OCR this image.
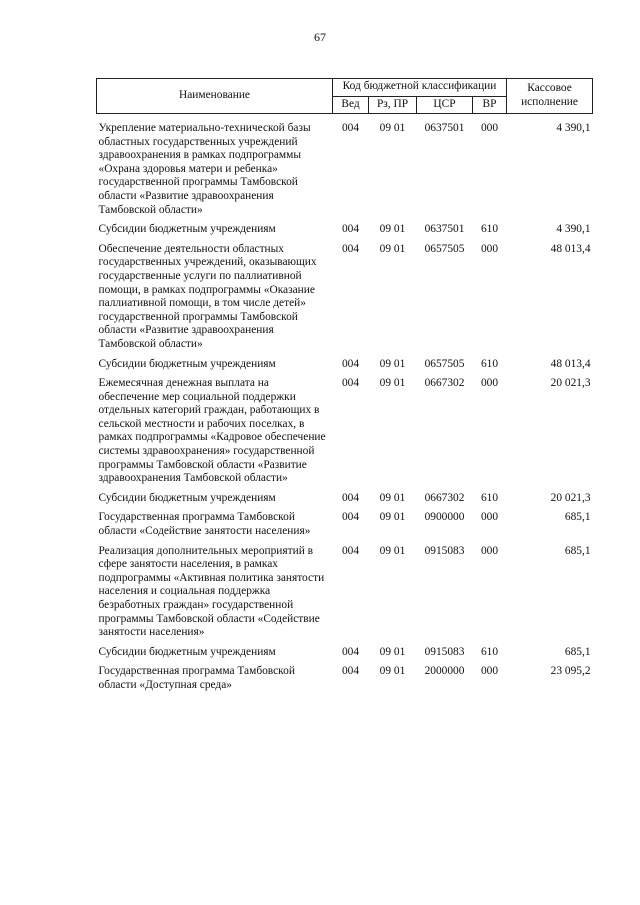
67
Наименование	Код бюджетной классификации				Кассовое исполнение
	Вед	Рз, ПР	ЦСР	ВР	

Укрепление материально-технической базы областных государственных учреждений здравоохранения в рамках подпрограммы «Охрана здоровья матери и ребенка» государственной программы Тамбовской области «Развитие здравоохранения Тамбовской области»	004	09 01	0637501	000	4 390,1
Субсидии бюджетным учреждениям	004	09 01	0637501	610	4 390,1
Обеспечение деятельности областных государственных учреждений, оказывающих государственные услуги по паллиативной помощи, в рамках подпрограммы «Оказание паллиативной помощи, в том числе детей» государственной программы Тамбовской области «Развитие здравоохранения Тамбовской области»	004	09 01	0657505	000	48 013,4
Субсидии бюджетным учреждениям	004	09 01	0657505	610	48 013,4
Ежемесячная денежная выплата на обеспечение мер социальной поддержки отдельных категорий граждан, работающих в сельской местности и рабочих поселках, в рамках подпрограммы «Кадровое обеспечение системы здравоохранения» государственной программы Тамбовской области «Развитие здравоохранения Тамбовской области»	004	09 01	0667302	000	20 021,3
Субсидии бюджетным учреждениям	004	09 01	0667302	610	20 021,3
Государственная программа Тамбовской области «Содействие занятости населения»	004	09 01	0900000	000	685,1
Реализация дополнительных мероприятий в сфере занятости населения, в рамках подпрограммы «Активная политика занятости населения и социальная поддержка безработных граждан» государственной программы Тамбовской области «Содействие занятости населения»	004	09 01	0915083	000	685,1
Субсидии бюджетным учреждениям	004	09 01	0915083	610	685,1
Государственная программа Тамбовской области «Доступная среда»	004	09 01	2000000	000	23 095,2
